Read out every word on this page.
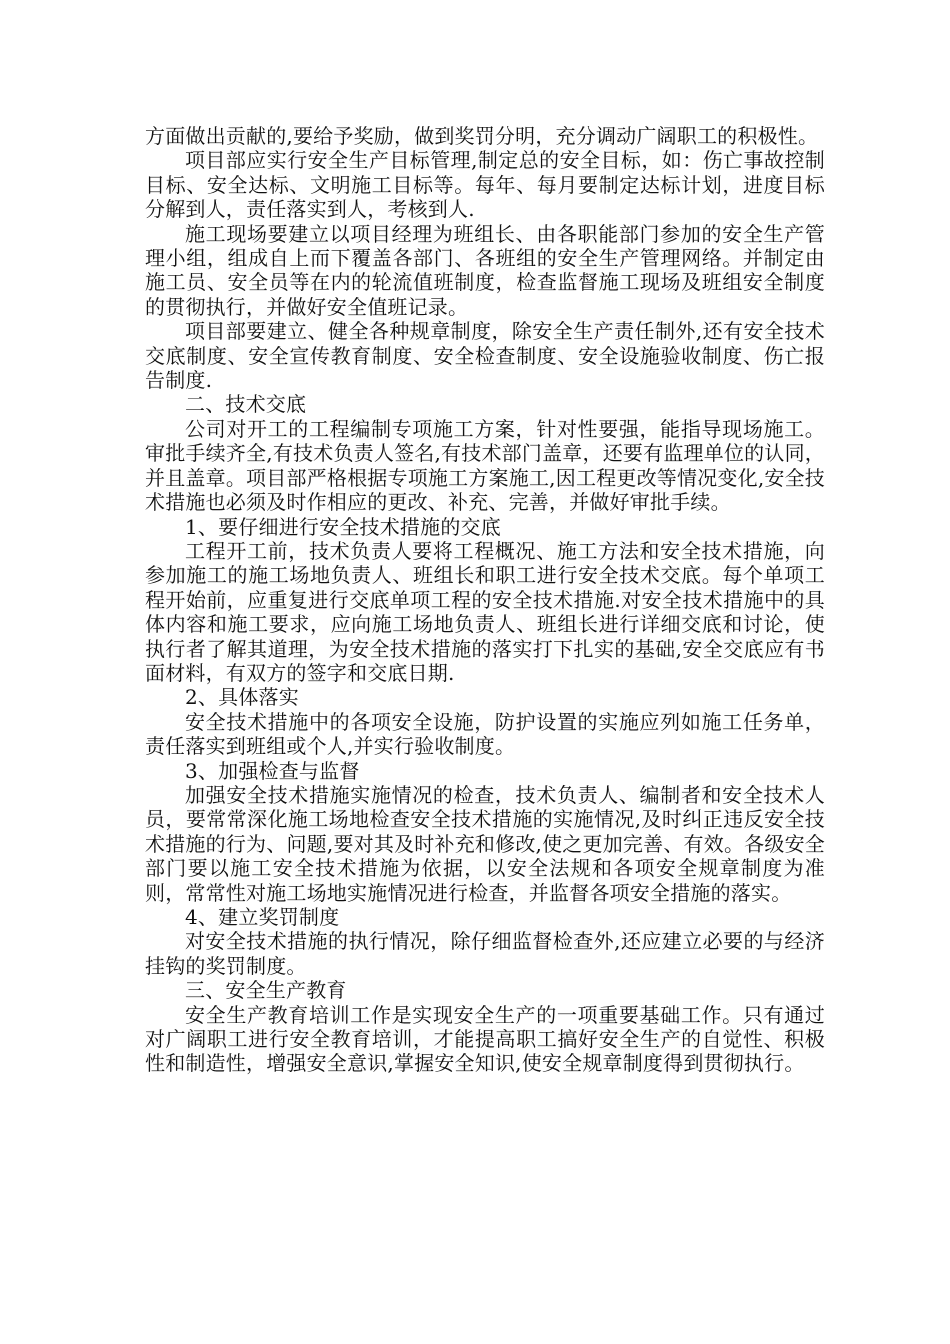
方面做出贡献的,要给予奖励，做到奖罚分明，充分调动广阔职工的积极性。

项目部应实行安全生产目标管理,制定总的安全目标，如：伤亡事故控制目标、安全达标、文明施工目标等。每年、每月要制定达标计划，进度目标分解到人，责任落实到人，考核到人.

施工现场要建立以项目经理为班组长、由各职能部门参加的安全生产管理小组，组成自上而下覆盖各部门、各班组的安全生产管理网络。并制定由施工员、安全员等在内的轮流值班制度，检查监督施工现场及班组安全制度的贯彻执行，并做好安全值班记录。

项目部要建立、健全各种规章制度，除安全生产责任制外,还有安全技术交底制度、安全宣传教育制度、安全检查制度、安全设施验收制度、伤亡报告制度.

二、技术交底

公司对开工的工程编制专项施工方案，针对性要强，能指导现场施工。审批手续齐全,有技术负责人签名,有技术部门盖章，还要有监理单位的认同，并且盖章。项目部严格根据专项施工方案施工,因工程更改等情况变化,安全技术措施也必须及时作相应的更改、补充、完善，并做好审批手续。

1、要仔细进行安全技术措施的交底

工程开工前，技术负责人要将工程概况、施工方法和安全技术措施，向参加施工的施工场地负责人、班组长和职工进行安全技术交底。每个单项工程开始前，应重复进行交底单项工程的安全技术措施.对安全技术措施中的具体内容和施工要求，应向施工场地负责人、班组长进行详细交底和讨论，使执行者了解其道理，为安全技术措施的落实打下扎实的基础,安全交底应有书面材料，有双方的签字和交底日期.

2、具体落实

安全技术措施中的各项安全设施，防护设置的实施应列如施工任务单，责任落实到班组或个人,并实行验收制度。

3、加强检查与监督

加强安全技术措施实施情况的检查，技术负责人、编制者和安全技术人员，要常常深化施工场地检查安全技术措施的实施情况,及时纠正违反安全技术措施的行为、问题,要对其及时补充和修改,使之更加完善、有效。各级安全部门要以施工安全技术措施为依据，以安全法规和各项安全规章制度为准则，常常性对施工场地实施情况进行检查，并监督各项安全措施的落实。

4、建立奖罚制度

对安全技术措施的执行情况，除仔细监督检查外,还应建立必要的与经济挂钩的奖罚制度。

三、安全生产教育

安全生产教育培训工作是实现安全生产的一项重要基础工作。只有通过对广阔职工进行安全教育培训，才能提高职工搞好安全生产的自觉性、积极性和制造性，增强安全意识,掌握安全知识,使安全规章制度得到贯彻执行。
